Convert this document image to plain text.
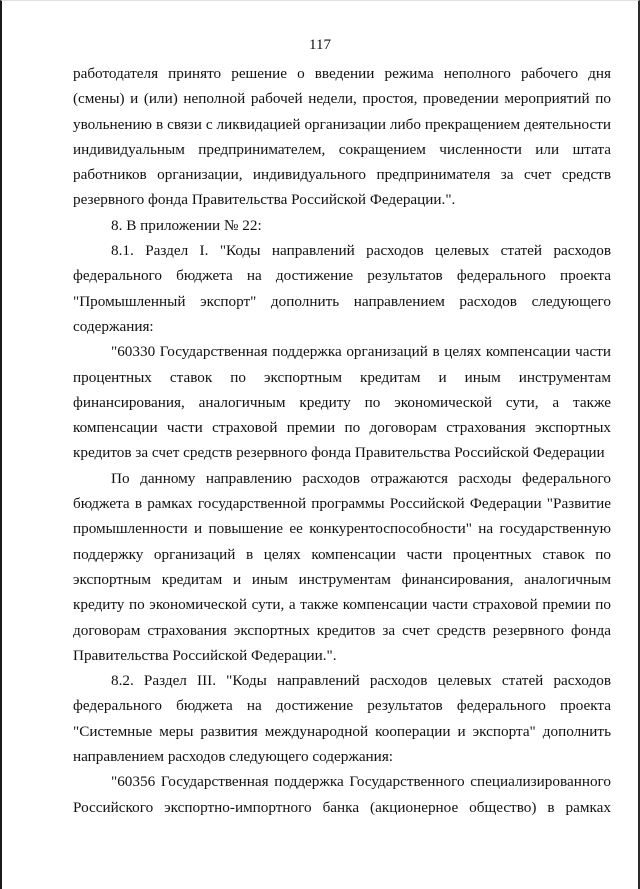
117

работодателя принято решение о введении режима неполного рабочего дня (смены) и (или) неполной рабочей недели, простоя, проведении мероприятий по увольнению в связи с ликвидацией организации либо прекращением деятельности индивидуальным предпринимателем, сокращением численности или штата работников организации, индивидуального предпринимателя за счет средств резервного фонда Правительства Российской Федерации.".

8. В приложении № 22:

8.1. Раздел I. "Коды направлений расходов целевых статей расходов федерального бюджета на достижение результатов федерального проекта "Промышленный экспорт" дополнить направлением расходов следующего содержания:

"60330 Государственная поддержка организаций в целях компенсации части процентных ставок по экспортным кредитам и иным инструментам финансирования, аналогичным кредиту по экономической сути, а также компенсации части страховой премии по договорам страхования экспортных кредитов за счет средств резервного фонда Правительства Российской Федерации

По данному направлению расходов отражаются расходы федерального бюджета в рамках государственной программы Российской Федерации "Развитие промышленности и повышение ее конкурентоспособности" на государственную поддержку организаций в целях компенсации части процентных ставок по экспортным кредитам и иным инструментам финансирования, аналогичным кредиту по экономической сути, а также компенсации части страховой премии по договорам страхования экспортных кредитов за счет средств резервного фонда Правительства Российской Федерации.".

8.2. Раздел III. "Коды направлений расходов целевых статей расходов федерального бюджета на достижение результатов федерального проекта "Системные меры развития международной кооперации и экспорта" дополнить направлением расходов следующего содержания:

"60356 Государственная поддержка Государственного специализированного Российского экспортно-импортного банка (акционерное общество) в рамках
